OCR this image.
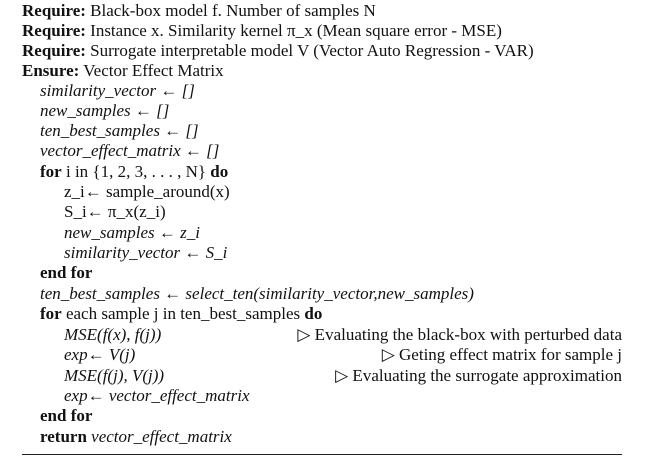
Require: Black-box model f. Number of samples N
Require: Instance x. Similarity kernel π_x (Mean square error - MSE)
Require: Surrogate interpretable model V (Vector Auto Regression - VAR)
Ensure: Vector Effect Matrix
similarity_vector ← []
new_samples ← []
ten_best_samples ← []
vector_effect_matrix ← []
for i in {1, 2, 3, . . . , N} do
z_i← sample_around(x)
S_i← π_x(z_i)
new_samples ← z_i
similarity_vector ← S_i
end for
ten_best_samples ← select_ten(similarity_vector,new_samples)
for each sample j in ten_best_samples do
MSE(f(x), f(j))	▷ Evaluating the black-box with perturbed data
exp← V(j)	▷ Geting effect matrix for sample j
MSE(f(j), V(j))	▷ Evaluating the surrogate approximation
exp← vector_effect_matrix
end for
return vector_effect_matrix
